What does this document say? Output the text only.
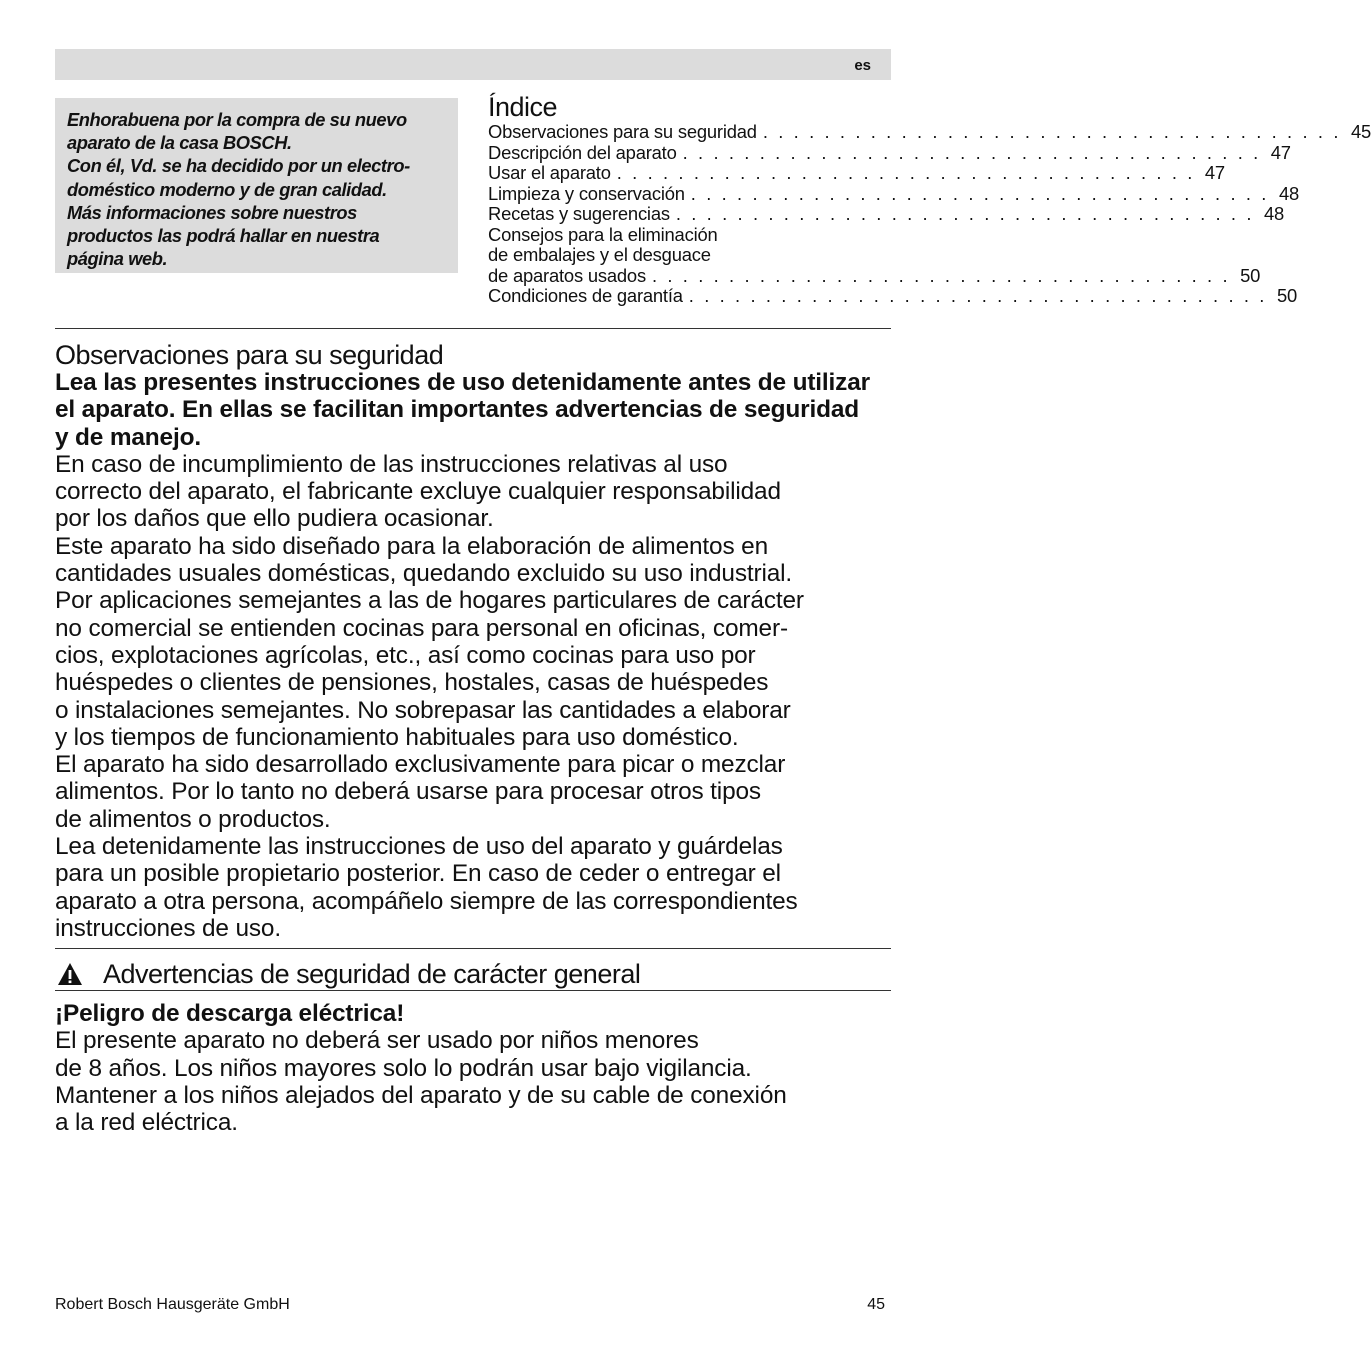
es
Enhorabuena por la compra de su nuevo
aparato de la casa BOSCH.
Con él, Vd. se ha decidido por un electro-
doméstico moderno y de gran calidad.
Más informaciones sobre nuestros
productos las podrá hallar en nuestra
página web.
Índice
Observaciones para su seguridad . . . . . . . . . . . . . . . . . . . . . . . . . . . . . . . . . . . . . . 45
Descripción del aparato . . . . . . . . . . . . . . . . . . . . . . . . . . . . . . . . . . . . . . 47
Usar el aparato . . . . . . . . . . . . . . . . . . . . . . . . . . . . . . . . . . . . . . 47
Limpieza y conservación . . . . . . . . . . . . . . . . . . . . . . . . . . . . . . . . . . . . . . 48
Recetas y sugerencias . . . . . . . . . . . . . . . . . . . . . . . . . . . . . . . . . . . . . . 48
Consejos para la eliminación
de embalajes y el desguace
de aparatos usados . . . . . . . . . . . . . . . . . . . . . . . . . . . . . . . . . . . . . . 50
Condiciones de garantía . . . . . . . . . . . . . . . . . . . . . . . . . . . . . . . . . . . . . . 50
Observaciones para su seguridad
Lea las presentes instrucciones de uso detenidamente antes de utilizar
el aparato. En ellas se facilitan importantes advertencias de seguridad
y de manejo.
En caso de incumplimiento de las instrucciones relativas al uso
correcto del aparato, el fabricante excluye cualquier responsabilidad
por los daños que ello pudiera ocasionar.
Este aparato ha sido diseñado para la elaboración de alimentos en
cantidades usuales domésticas, quedando excluido su uso industrial.
Por aplicaciones semejantes a las de hogares particulares de carácter
no comercial se entienden cocinas para personal en oficinas, comer-
cios, explotaciones agrícolas, etc., así como cocinas para uso por
huéspedes o clientes de pensiones, hostales, casas de huéspedes
o instalaciones semejantes. No sobrepasar las cantidades a elaborar
y los tiempos de funcionamiento habituales para uso doméstico.
El aparato ha sido desarrollado exclusivamente para picar o mezclar
alimentos. Por lo tanto no deberá usarse para procesar otros tipos
de alimentos o productos.
Lea detenidamente las instrucciones de uso del aparato y guárdelas
para un posible propietario posterior. En caso de ceder o entregar el
aparato a otra persona, acompáñelo siempre de las correspondientes
instrucciones de uso.
Advertencias de seguridad de carácter general
¡Peligro de descarga eléctrica!
El presente aparato no deberá ser usado por niños menores
de 8 años. Los niños mayores solo lo podrán usar bajo vigilancia.
Mantener a los niños alejados del aparato y de su cable de conexión
a la red eléctrica.
Robert Bosch Hausgeräte GmbH	45
